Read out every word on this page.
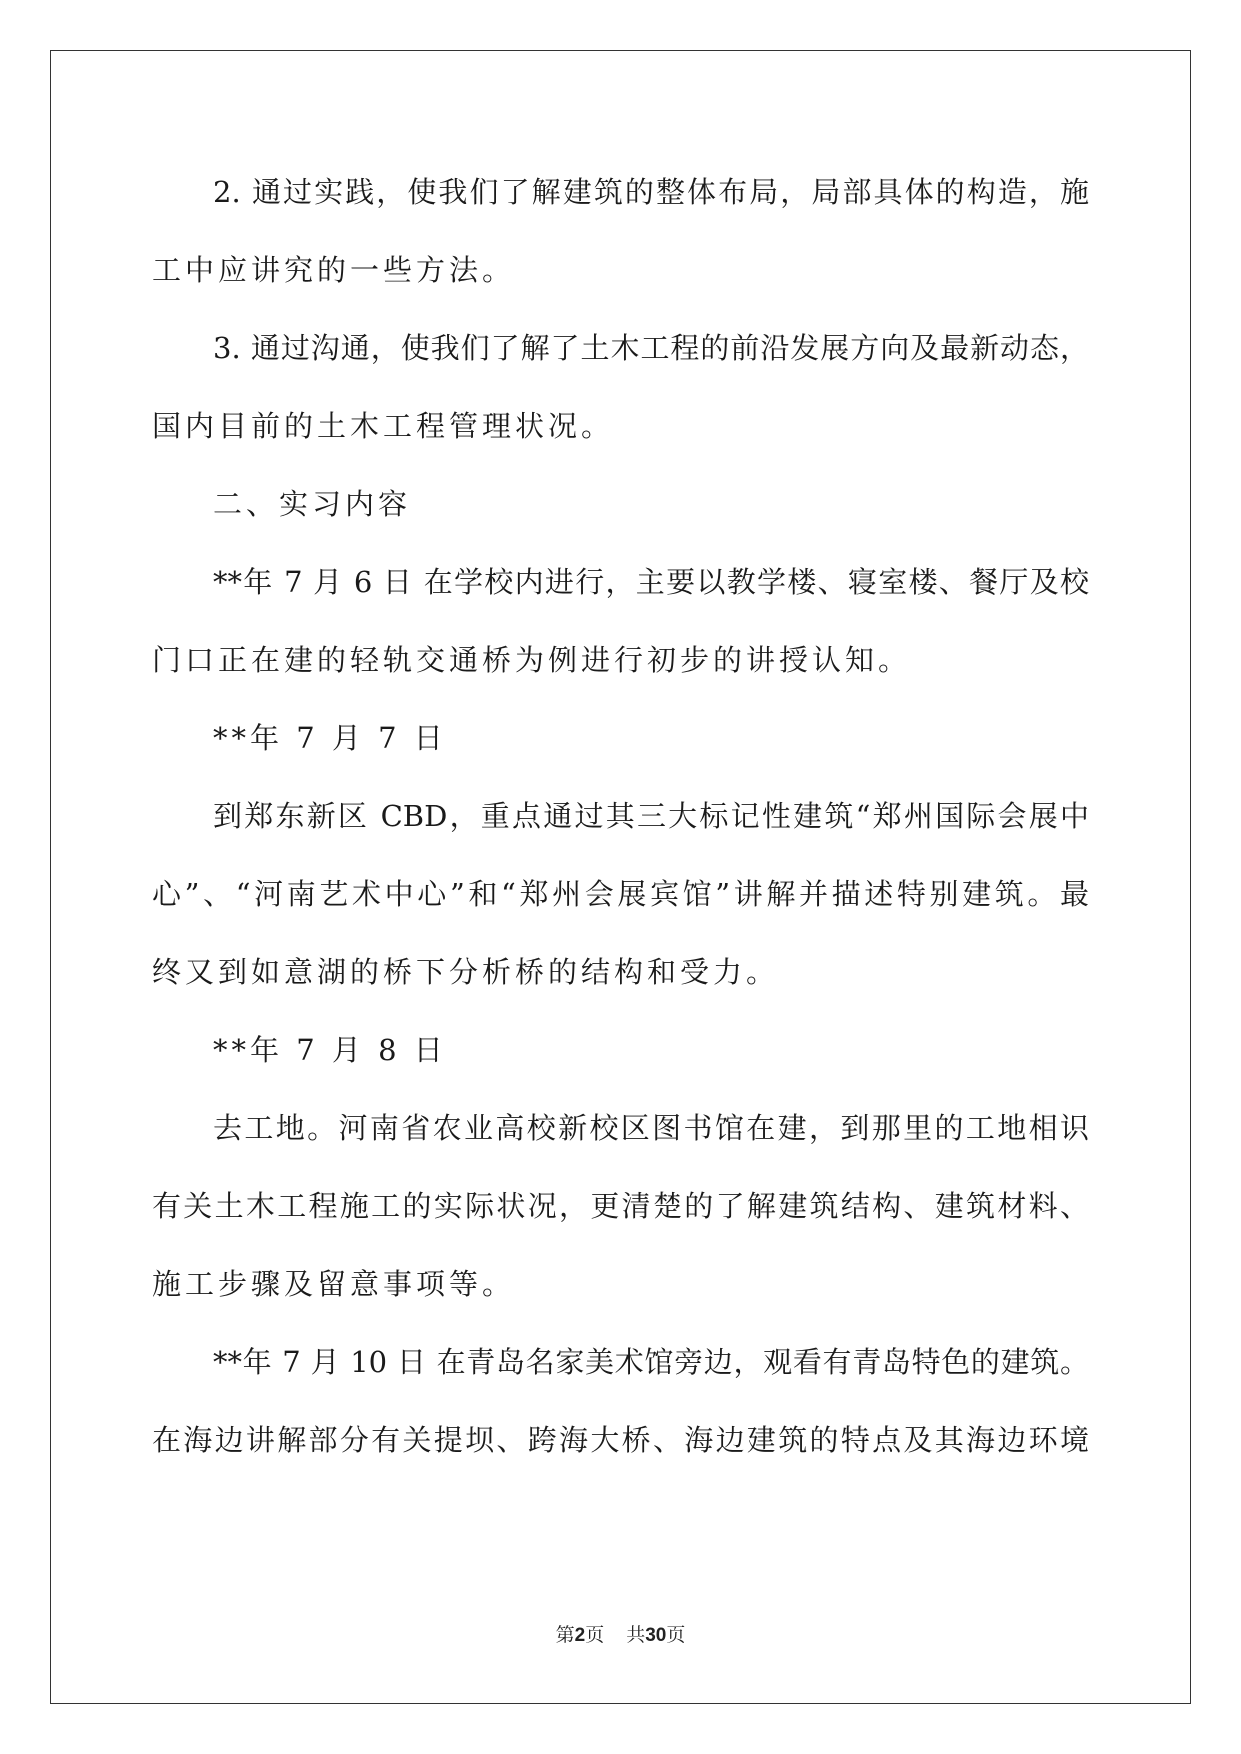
2. 通过实践，使我们了解建筑的整体布局，局部具体的构造，施
工中应讲究的一些方法。
3. 通过沟通，使我们了解了土木工程的前沿发展方向及最新动态，
国内目前的土木工程管理状况。
二、实习内容
**年 7 月 6 日 在学校内进行，主要以教学楼、寝室楼、餐厅及校
门口正在建的轻轨交通桥为例进行初步的讲授认知。
**年 7 月 7 日
到郑东新区 CBD，重点通过其三大标记性建筑“郑州国际会展中
心”、“河南艺术中心”和“郑州会展宾馆”讲解并描述特别建筑。最
终又到如意湖的桥下分析桥的结构和受力。
**年 7 月 8 日
去工地。河南省农业高校新校区图书馆在建，到那里的工地相识
有关土木工程施工的实际状况，更清楚的了解建筑结构、建筑材料、
施工步骤及留意事项等。
**年 7 月 10 日 在青岛名家美术馆旁边，观看有青岛特色的建筑。
在海边讲解部分有关提坝、跨海大桥、海边建筑的特点及其海边环境
第2页 共30页
